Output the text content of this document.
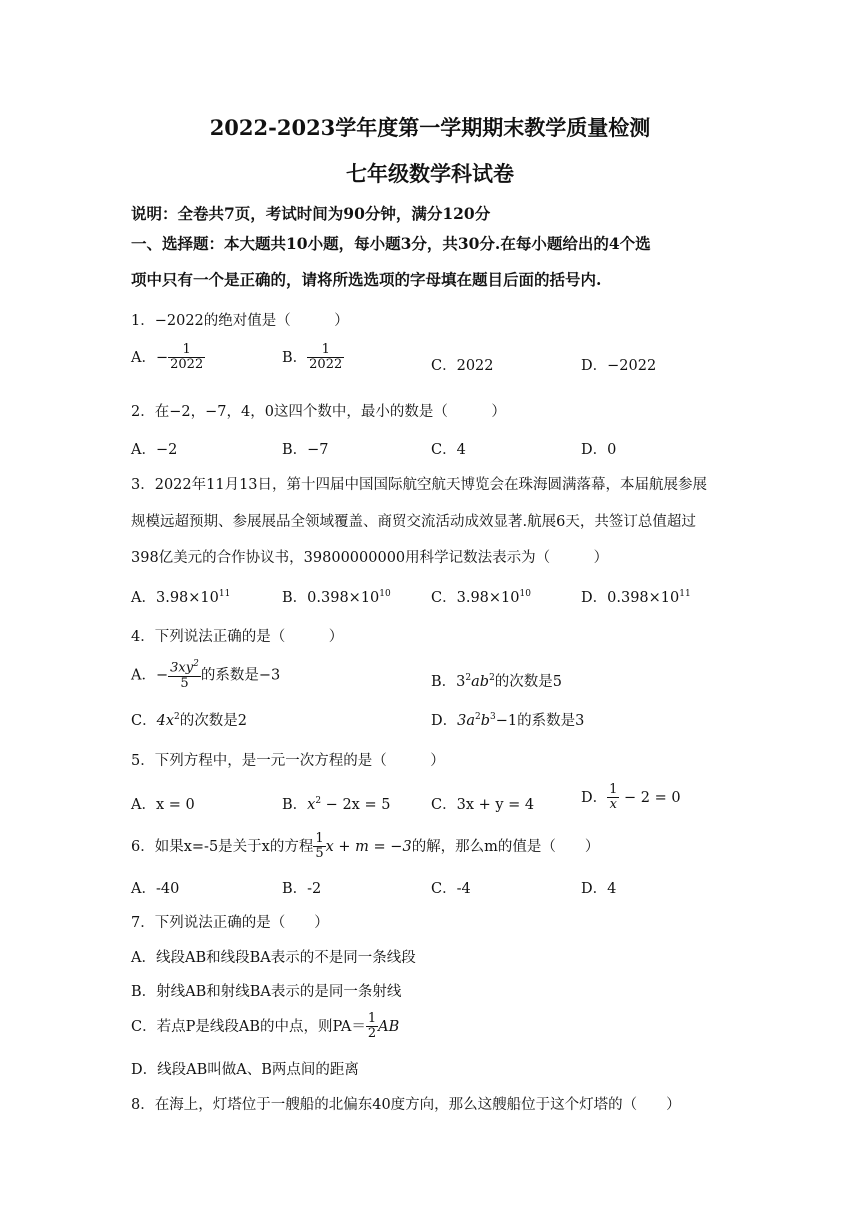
2022-2023学年度第一学期期末教学质量检测
七年级数学科试卷
说明：全卷共7页，考试时间为90分钟，满分120分
一、选择题：本大题共10小题，每小题3分，共30分.在每小题给出的4个选
项中只有一个是正确的，请将所选选项的字母填在题目后面的括号内.
1．−2022的绝对值是（　　　）
A．− $\frac{1}{2022}$	B． $\frac{1}{2022}$	C．2022	D．−2022
2．在−2，−7，4，0这四个数中，最小的数是（　　　）
A．−2	B．−7	C．4	D．0
3．2022年11月13日，第十四届中国国际航空航天博览会在珠海圆满落幕，本届航展参展
规模远超预期、参展展品全领域覆盖、商贸交流活动成效显著.航展6天，共签订总值超过
398亿美元的合作协议书，39800000000用科学记数法表示为（　　　）
A．$3.98\times 10^{11}$	B．$0.398\times 10^{10}$	C．$3.98\times 10^{10}$	D．$0.398\times 10^{11}$
4．下列说法正确的是（　　　）
A．− $\frac{3xy^2}{5}$ 的系数是−3	B．$3^2ab^2$的次数是5
C．$4x^2$的次数是2	D．$3a^2b^3-1$的系数是3
5．下列方程中，是一元一次方程的是（　　　）
A．x = 0	B．$x^2 - 2x = 5$	C．3x + y = 4	D． $\frac{1}{x} - 2 = 0$
6．如果x=-5是关于x的方程 $\frac{1}{5}$ x + m = −3的解，那么m的值是（　　）
A．-40	B．-2	C．-4	D．4
7．下列说法正确的是（　　）
A．线段AB和线段BA表示的不是同一条线段
B．射线AB和射线BA表示的是同一条射线
C．若点P是线段AB的中点，则$PA= \frac{1}{2}$ AB
D．线段AB叫做A、B两点间的距离
8．在海上，灯塔位于一艘船的北偏东40度方向，那么这艘船位于这个灯塔的（　　）
